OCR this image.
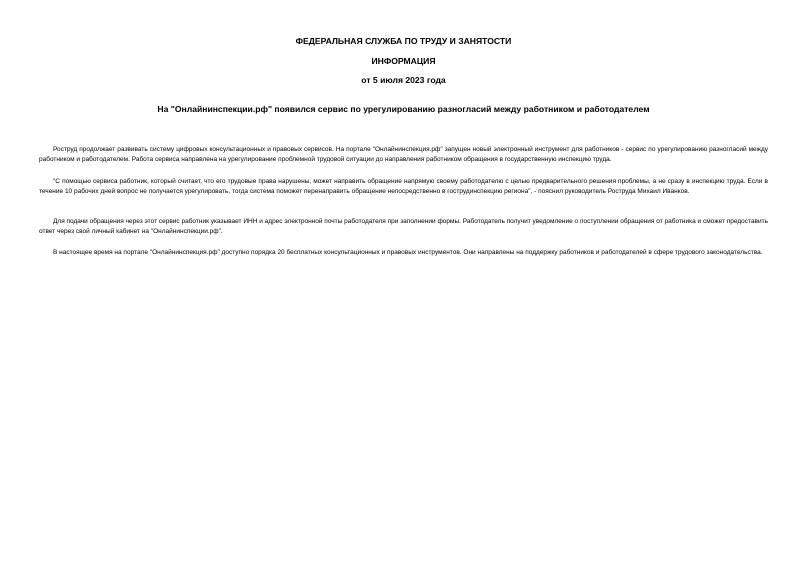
ФЕДЕРАЛЬНАЯ СЛУЖБА ПО ТРУДУ И ЗАНЯТОСТИ
ИНФОРМАЦИЯ
от 5 июля 2023 года
На "Онлайнинспекции.рф" появился сервис по урегулированию разногласий между работником и работодателем
Роструд продолжает развивать систему цифровых консультационных и правовых сервисов. На портале "Онлайнинспекция.рф" запущен новый электронный инструмент для работников - сервис по урегулированию разногласий между работником и работодателем. Работа сервиса направлена на урегулирование проблемной трудовой ситуации до направления работником обращения в государственную инспекцию труда.
"С помощью сервиса работник, который считает, что его трудовые права нарушены, может направить обращение напрямую своему работодателю с целью предварительного решения проблемы, а не сразу в инспекцию труда. Если в течение 10 рабочих дней вопрос не получается урегулировать, тогда система поможет перенаправить обращение непосредственно в гострудинспекцию региона", - пояснил руководитель Роструда Михаил Иванков.
Для подачи обращения через этот сервис работник указывает ИНН и адрес электронной почты работодателя при заполнении формы. Работодатель получит уведомление о поступлении обращения от работника и сможет предоставить ответ через свой личный кабинет на "Онлайнинспекции.рф".
В настоящее время на портале "Онлайнинспекция.рф" доступно порядка 20 бесплатных консультационных и правовых инструментов. Они направлены на поддержку работников и работодателей в сфере трудового законодательства.
